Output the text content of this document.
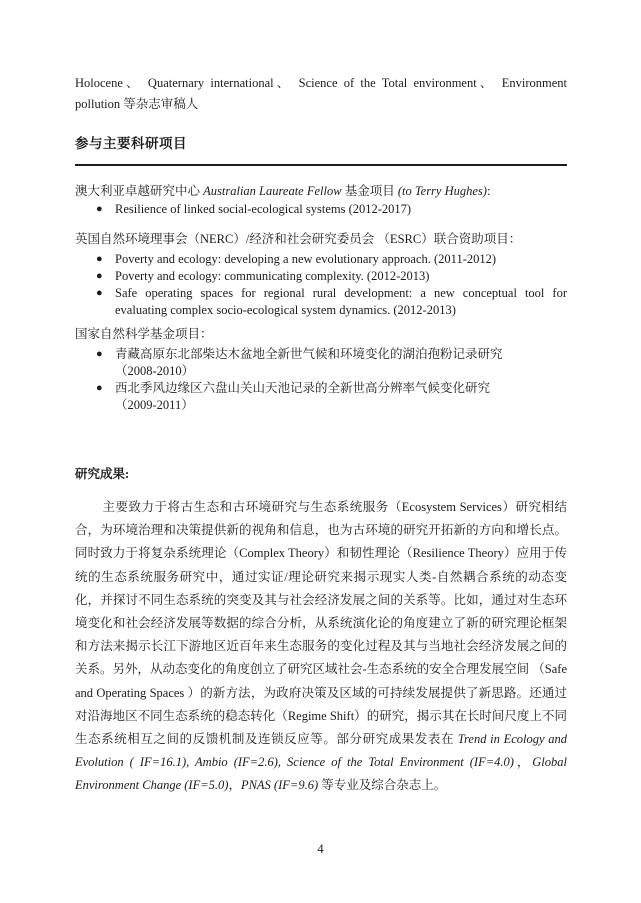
Holocene、 Quaternary international、 Science of the Total environment、 Environment pollution 等杂志审稿人

参与主要科研项目

澳大利亚卓越研究中心 Australian Laureate Fellow 基金项目 (to Terry Hughes):

● Resilience of linked social-ecological systems (2012-2017)

英国自然环境理事会（NERC）/经济和社会研究委员会 （ESRC）联合资助项目：

● Poverty and ecology: developing a new evolutionary approach. (2011-2012)
● Poverty and ecology: communicating complexity. (2012-2013)
● Safe operating spaces for regional rural development: a new conceptual tool for evaluating complex socio-ecological system dynamics. (2012-2013)

国家自然科学基金项目：

● 青藏高原东北部柴达木盆地全新世气候和环境变化的湖泊孢粉记录研究
（2008-2010）
● 西北季风边缘区六盘山关山天池记录的全新世高分辨率气候变化研究
（2009-2011）
研究成果:

主要致力于将古生态和古环境研究与生态系统服务（Ecosystem Services）研究相结合，为环境治理和决策提供新的视角和信息，也为古环境的研究开拓新的方向和增长点。同时致力于将复杂系统理论（Complex Theory）和韧性理论（Resilience Theory）应用于传统的生态系统服务研究中，通过实证/理论研究来揭示现实人类-自然耦合系统的动态变化，并探讨不同生态系统的突变及其与社会经济发展之间的关系等。比如，通过对生态环境变化和社会经济发展等数据的综合分析，从系统演化论的角度建立了新的研究理论框架和方法来揭示长江下游地区近百年来生态服务的变化过程及其与当地社会经济发展之间的关系。另外，从动态变化的角度创立了研究区域社会-生态系统的安全合理发展空间 （Safe and Operating Spaces ）的新方法，为政府决策及区域的可持续发展提供了新思路。还通过对沿海地区不同生态系统的稳态转化（Regime Shift）的研究，揭示其在长时间尺度上不同生态系统相互之间的反馈机制及连锁反应等。部分研究成果发表在 Trend in Ecology and Evolution ( IF=16.1), Ambio (IF=2.6), Science of the Total Environment (IF=4.0)，Global Environment Change (IF=5.0)，PNAS (IF=9.6) 等专业及综合杂志上。

4
